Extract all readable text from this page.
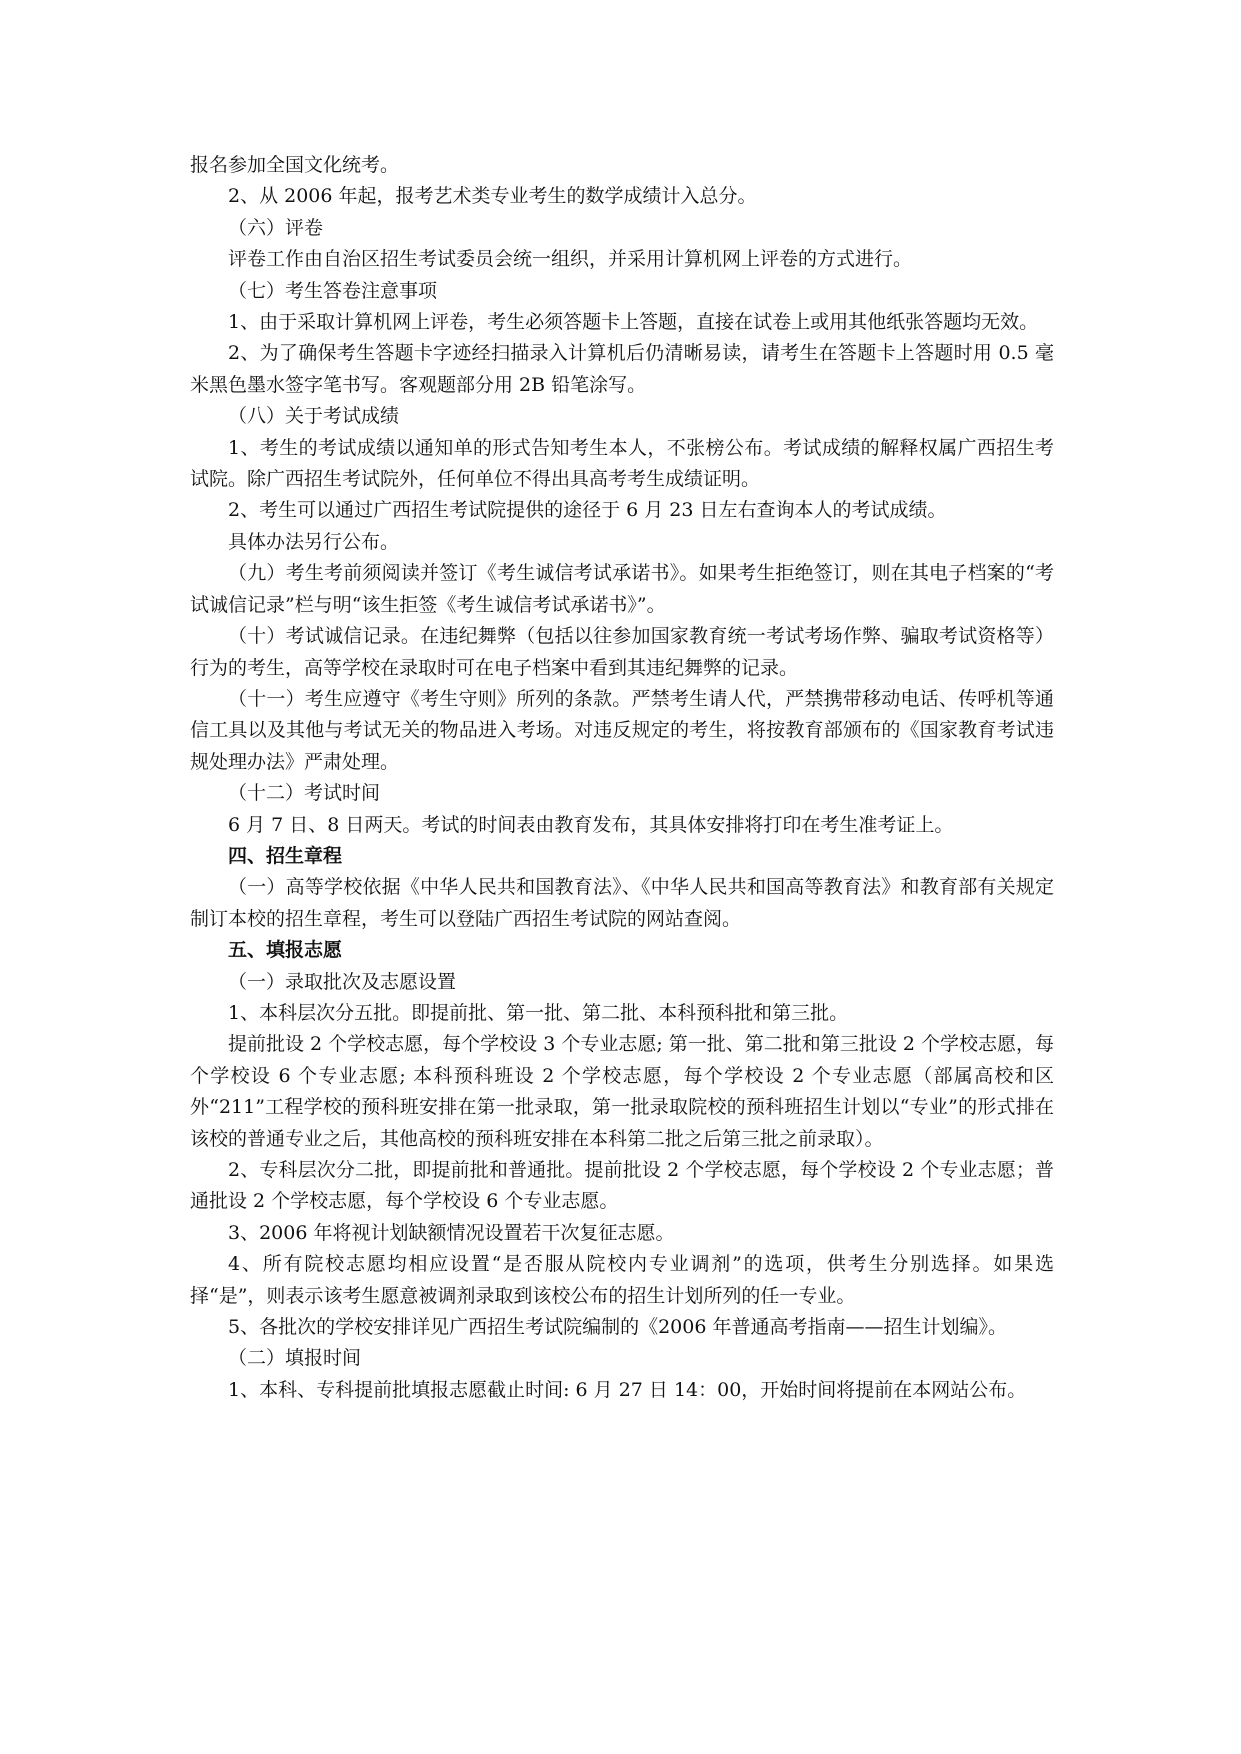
报名参加全国文化统考。

2、从 2006 年起，报考艺术类专业考生的数学成绩计入总分。

（六）评卷

评卷工作由自治区招生考试委员会统一组织，并采用计算机网上评卷的方式进行。

（七）考生答卷注意事项

1、由于采取计算机网上评卷，考生必须答题卡上答题，直接在试卷上或用其他纸张答题均无效。

2、为了确保考生答题卡字迹经扫描录入计算机后仍清晰易读，请考生在答题卡上答题时用 0.5 毫米黑色墨水签字笔书写。客观题部分用 2B 铅笔涂写。

（八）关于考试成绩

1、考生的考试成绩以通知单的形式告知考生本人，不张榜公布。考试成绩的解释权属广西招生考试院。除广西招生考试院外，任何单位不得出具高考考生成绩证明。

2、考生可以通过广西招生考试院提供的途径于 6 月 23 日左右查询本人的考试成绩。

具体办法另行公布。

（九）考生考前须阅读并签订《考生诚信考试承诺书》。如果考生拒绝签订，则在其电子档案的“考试诚信记录”栏与明“该生拒签《考生诚信考试承诺书》”。

（十）考试诚信记录。在违纪舞弊（包括以往参加国家教育统一考试考场作弊、骗取考试资格等）行为的考生，高等学校在录取时可在电子档案中看到其违纪舞弊的记录。

（十一）考生应遵守《考生守则》所列的条款。严禁考生请人代，严禁携带移动电话、传呼机等通信工具以及其他与考试无关的物品进入考场。对违反规定的考生，将按教育部颁布的《国家教育考试违规处理办法》严肃处理。

（十二）考试时间

6 月 7 日、8 日两天。考试的时间表由教育发布，其具体安排将打印在考生准考证上。

四、招生章程

（一）高等学校依据《中华人民共和国教育法》、《中华人民共和国高等教育法》和教育部有关规定制订本校的招生章程，考生可以登陆广西招生考试院的网站查阅。

五、填报志愿

（一）录取批次及志愿设置

1、本科层次分五批。即提前批、第一批、第二批、本科预科批和第三批。

提前批设 2 个学校志愿，每个学校设 3 个专业志愿; 第一批、第二批和第三批设 2 个学校志愿，每个学校设 6 个专业志愿; 本科预科班设 2 个学校志愿，每个学校设 2 个专业志愿（部属高校和区外“211”工程学校的预科班安排在第一批录取，第一批录取院校的预科班招生计划以“专业”的形式排在该校的普通专业之后，其他高校的预科班安排在本科第二批之后第三批之前录取）。

2、专科层次分二批，即提前批和普通批。提前批设 2 个学校志愿，每个学校设 2 个专业志愿；普通批设 2 个学校志愿，每个学校设 6 个专业志愿。

3、2006 年将视计划缺额情况设置若干次复征志愿。

4、所有院校志愿均相应设置“是否服从院校内专业调剂”的选项，供考生分别选择。如果选择“是”，则表示该考生愿意被调剂录取到该校公布的招生计划所列的任一专业。

5、各批次的学校安排详见广西招生考试院编制的《2006 年普通高考指南——招生计划编》。

（二）填报时间

1、本科、专科提前批填报志愿截止时间: 6 月 27 日 14：00，开始时间将提前在本网站公布。
